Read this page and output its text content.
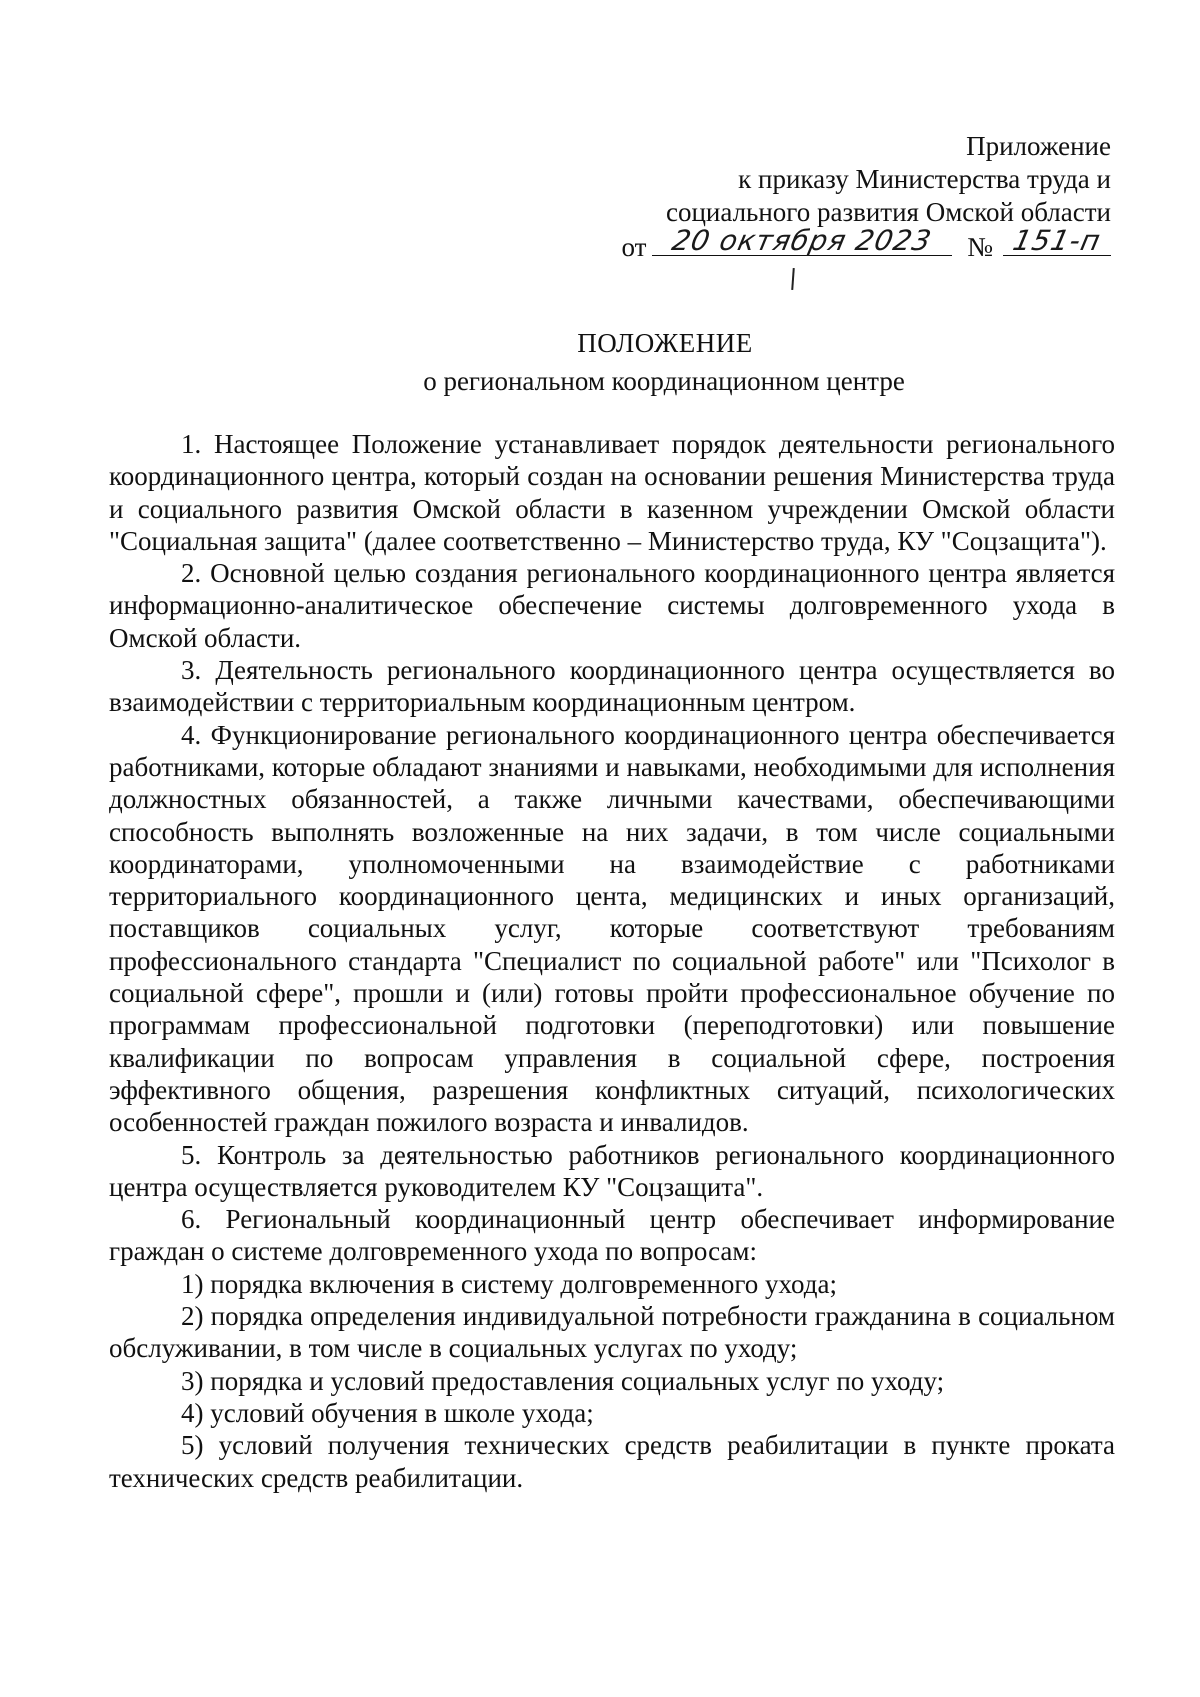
Приложение
к приказу Министерства труда и
социального развития Омской области
от 20 октября 2023	№ 151-п
ПОЛОЖЕНИЕ
о региональном координационном центре

1. Настоящее Положение устанавливает порядок деятельности регионального координационного центра, который создан на основании решения Министерства труда и социального развития Омской области в казенном учреждении Омской области "Социальная защита" (далее соответственно – Министерство труда, КУ "Соцзащита").

2. Основной целью создания регионального координационного центра является информационно-аналитическое обеспечение системы долговременного ухода в Омской области.

3. Деятельность регионального координационного центра осуществляется во взаимодействии с территориальным координационным центром.

4. Функционирование регионального координационного центра обеспечивается работниками, которые обладают знаниями и навыками, необходимыми для исполнения должностных обязанностей, а также личными качествами, обеспечивающими способность выполнять возложенные на них задачи, в том числе социальными координаторами, уполномоченными на взаимодействие с работниками территориального координационного цента, медицинских и иных организаций, поставщиков социальных услуг, которые соответствуют требованиям профессионального стандарта "Специалист по социальной работе" или "Психолог в социальной сфере", прошли и (или) готовы пройти профессиональное обучение по программам профессиональной подготовки (переподготовки) или повышение квалификации по вопросам управления в социальной сфере, построения эффективного общения, разрешения конфликтных ситуаций, психологических особенностей граждан пожилого возраста и инвалидов.

5. Контроль за деятельностью работников регионального координационного центра осуществляется руководителем КУ "Соцзащита".

6. Региональный координационный центр обеспечивает информирование граждан о системе долговременного ухода по вопросам:

1) порядка включения в систему долговременного ухода;

2) порядка определения индивидуальной потребности гражданина в социальном обслуживании, в том числе в социальных услугах по уходу;

3) порядка и условий предоставления социальных услуг по уходу;

4) условий обучения в школе ухода;

5) условий получения технических средств реабилитации в пункте проката технических средств реабилитации.
